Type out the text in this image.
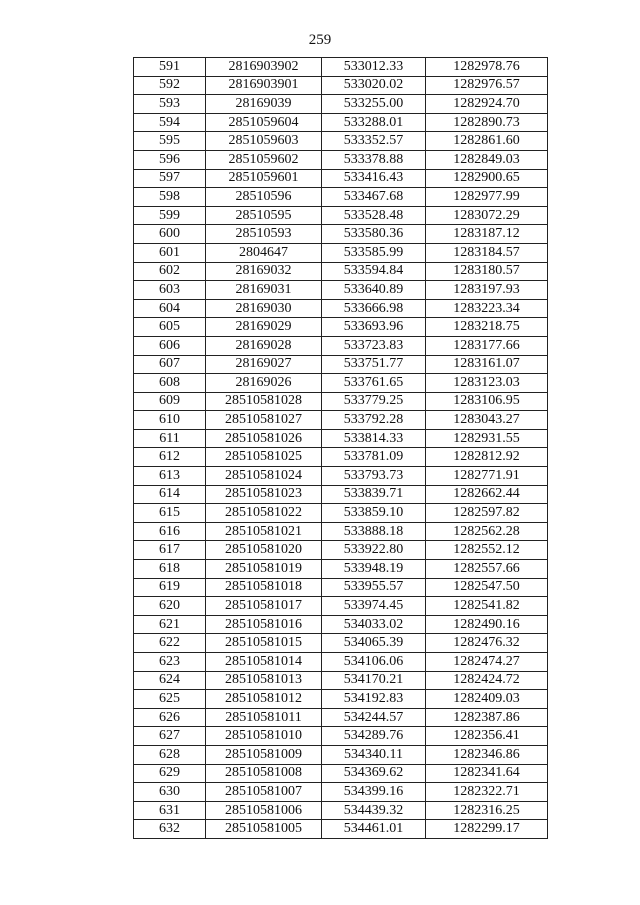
259
591	2816903902	533012.33	1282978.76
592	2816903901	533020.02	1282976.57
593	28169039	533255.00	1282924.70
594	2851059604	533288.01	1282890.73
595	2851059603	533352.57	1282861.60
596	2851059602	533378.88	1282849.03
597	2851059601	533416.43	1282900.65
598	28510596	533467.68	1282977.99
599	28510595	533528.48	1283072.29
600	28510593	533580.36	1283187.12
601	2804647	533585.99	1283184.57
602	28169032	533594.84	1283180.57
603	28169031	533640.89	1283197.93
604	28169030	533666.98	1283223.34
605	28169029	533693.96	1283218.75
606	28169028	533723.83	1283177.66
607	28169027	533751.77	1283161.07
608	28169026	533761.65	1283123.03
609	28510581028	533779.25	1283106.95
610	28510581027	533792.28	1283043.27
611	28510581026	533814.33	1282931.55
612	28510581025	533781.09	1282812.92
613	28510581024	533793.73	1282771.91
614	28510581023	533839.71	1282662.44
615	28510581022	533859.10	1282597.82
616	28510581021	533888.18	1282562.28
617	28510581020	533922.80	1282552.12
618	28510581019	533948.19	1282557.66
619	28510581018	533955.57	1282547.50
620	28510581017	533974.45	1282541.82
621	28510581016	534033.02	1282490.16
622	28510581015	534065.39	1282476.32
623	28510581014	534106.06	1282474.27
624	28510581013	534170.21	1282424.72
625	28510581012	534192.83	1282409.03
626	28510581011	534244.57	1282387.86
627	28510581010	534289.76	1282356.41
628	28510581009	534340.11	1282346.86
629	28510581008	534369.62	1282341.64
630	28510581007	534399.16	1282322.71
631	28510581006	534439.32	1282316.25
632	28510581005	534461.01	1282299.17
